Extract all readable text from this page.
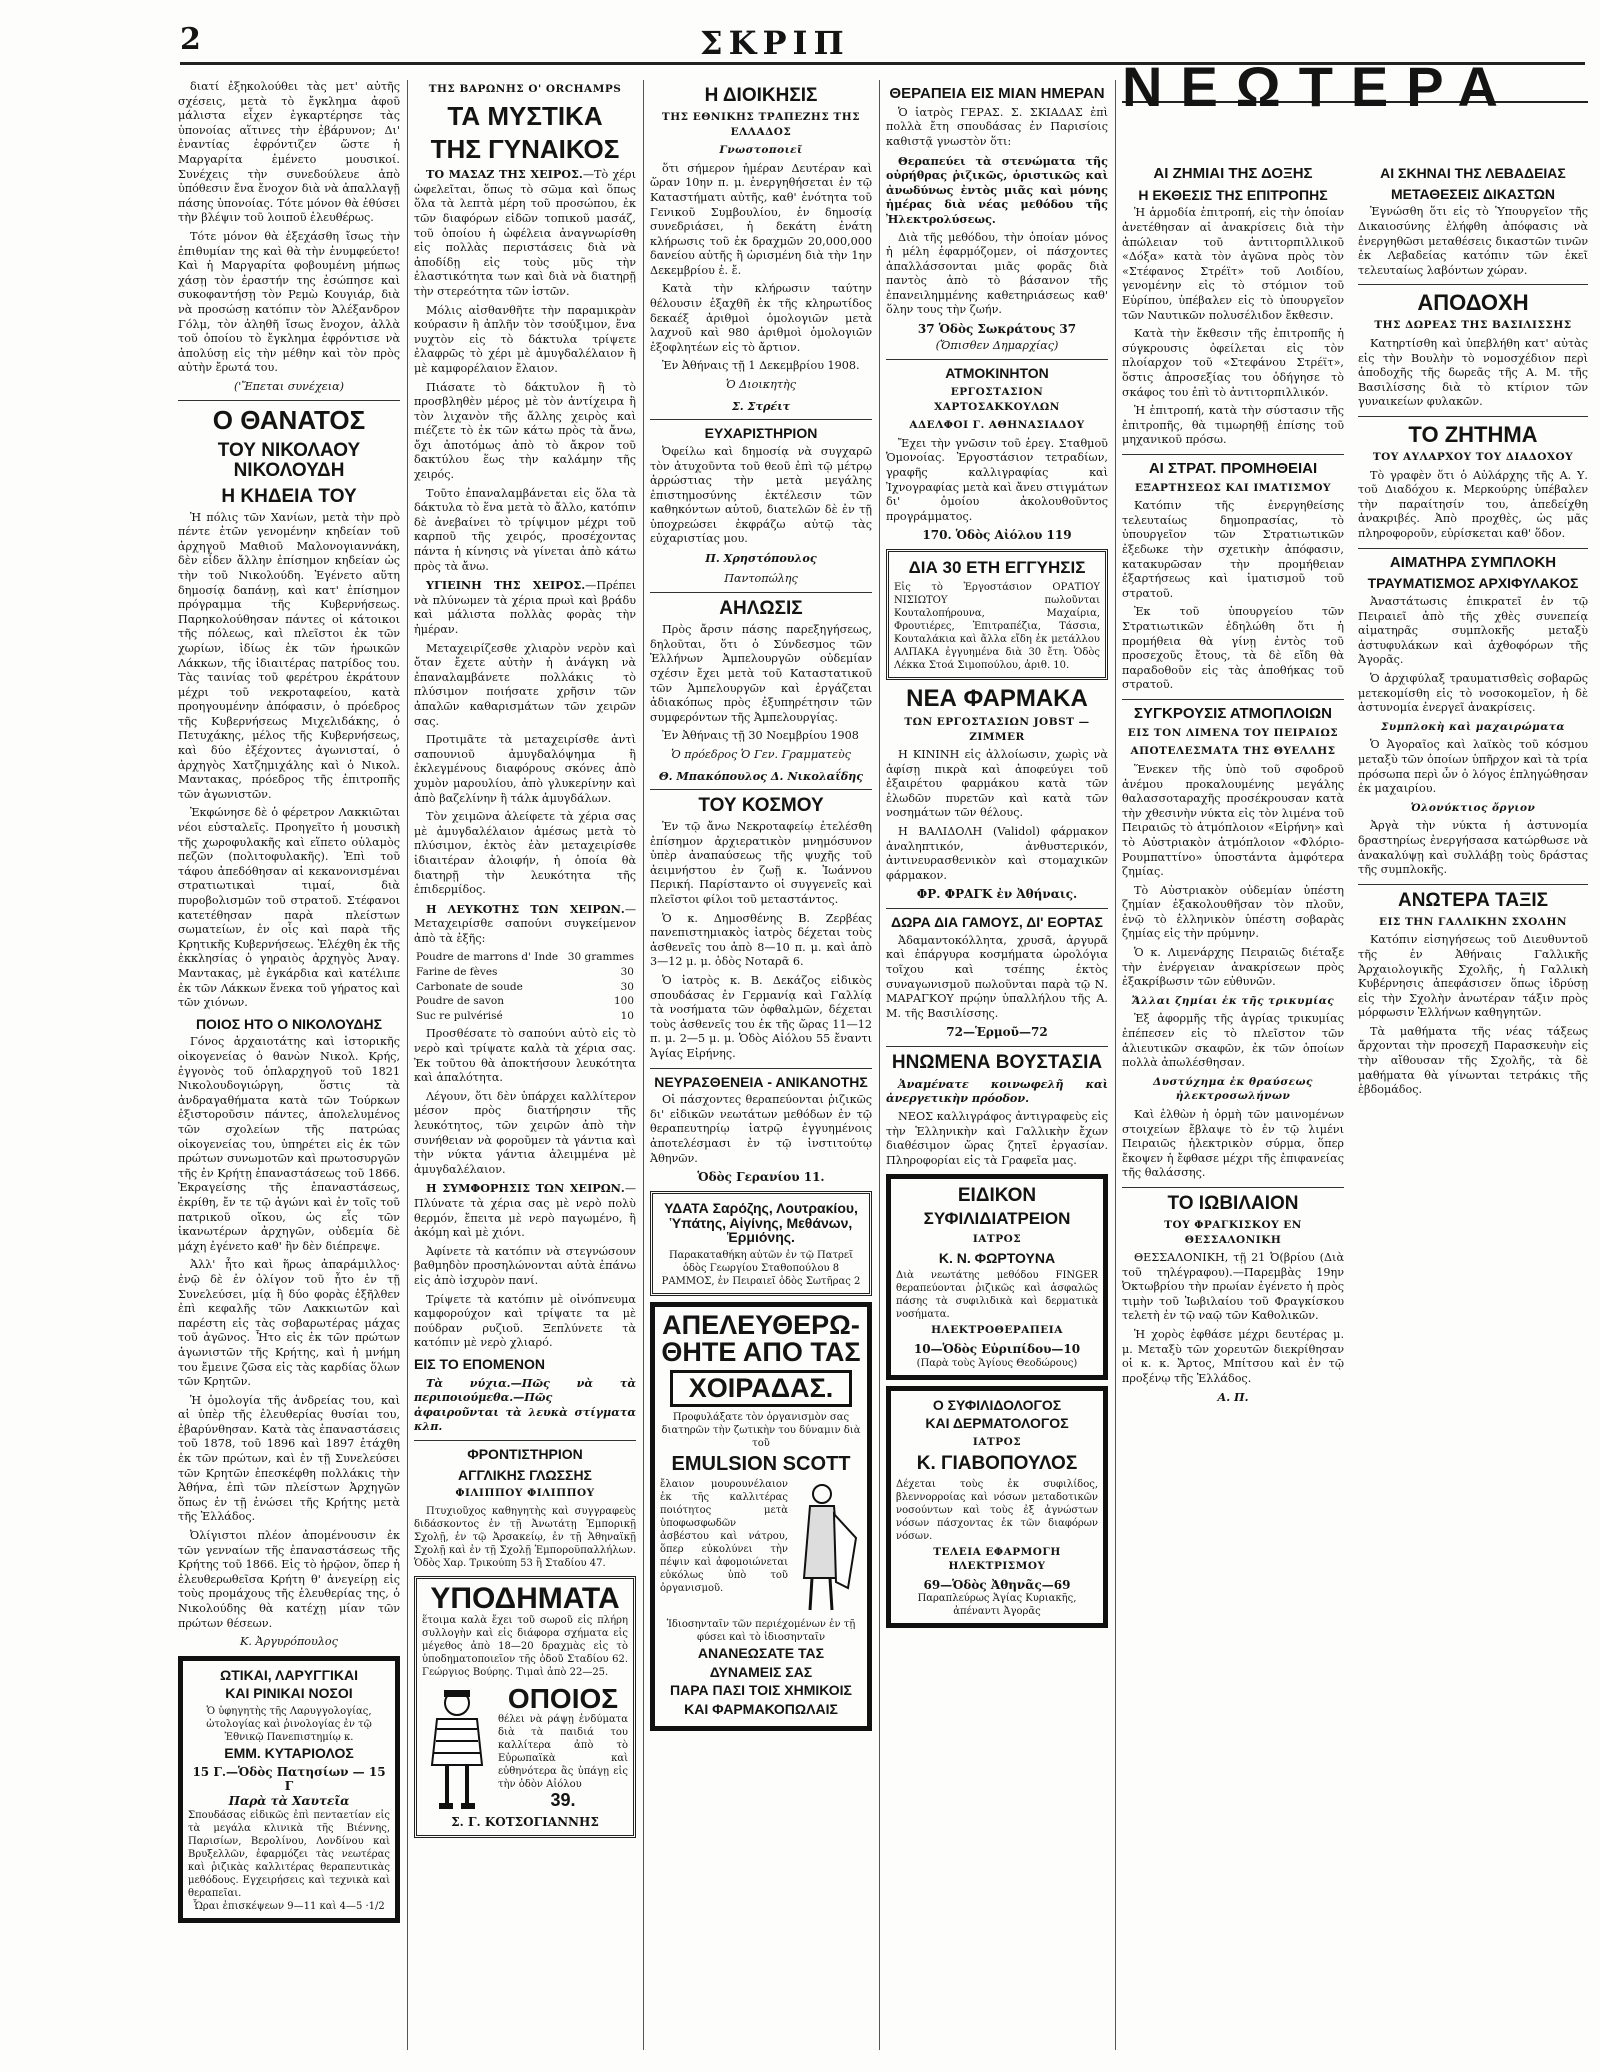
2	ΣΚΡΙΠ

διατί ἐξηκολούθει τὰς μετ' αὐτῆς σχέσεις, μετὰ τὸ ἔγκλημα ἀφοῦ μάλιστα εἶχεν ἐγκαρτέρησε τὰς ὑπονοίας αἵτινες τὴν ἐβάρυνον; Δι' ἐναντίας ἐφρόντιζεν ὥστε ἡ Μαργαρίτα ἐμένετο μουσικοί. Συνέχεις τὴν συνεδούλευε ἀπὸ ὑπόθεσιν ἔνα ἔνοχον διὰ νὰ ἀπαλλαγῇ πάσης ὑπονοίας. Τότε μόνον θὰ ἐθύσει τὴν βλέψιν τοῦ λοιποῦ ἐλευθέρως.

Τότε μόνον θὰ ἐξεχάσθη ἴσως τὴν ἐπιθυμίαν της καὶ θὰ τὴν ἐνυμφεύετο! Καὶ ἡ Μαργαρίτα φοβουμένη μήπως χάσῃ τὸν ἐραστήν της ἐσώπησε καὶ συκοφαντήσῃ τὸν Ρεμὼ Κουγιάρ, διὰ νὰ προσώσῃ κατόπιν τὸν Ἀλέξανδρον Γόλμ, τὸν ἀληθῆ ἴσως ἔνοχον, ἀλλὰ τοῦ ὁποίου τὸ ἔγκλημα ἐφρόντισε νὰ ἀπολύσῃ εἰς τὴν μέθην καὶ τὸν πρὸς αὐτὴν ἔρωτά του.

('Ἔπεται συνέχεια)
Ο ΘΑΝΑΤΟΣ
ΤΟΥ ΝΙΚΟΛΑΟΥ ΝΙΚΟΛΟΥΔΗ
Η ΚΗΔΕΙΑ ΤΟΥ

Ἡ πόλις τῶν Χανίων, μετὰ τὴν πρὸ πέντε ἐτῶν γενομένην κηδείαν τοῦ ἀρχηγοῦ Μαθιοῦ Μαλονογιαννάκη, δὲν εἶδεν ἄλλην ἐπίσημον κηδείαν ὡς τὴν τοῦ Νικολούδη. Ἐγένετο αὕτη δημοσίᾳ δαπάνῃ, καὶ κατ' ἐπίσημον πρόγραμμα τῆς Κυβερνήσεως. Παρηκολούθησαν πάντες οἱ κάτοικοι τῆς πόλεως, καὶ πλεῖστοι ἐκ τῶν χωρίων, ἰδίως ἐκ τῶν ἡρωικῶν Λάκκων, τῆς ἰδιαιτέρας πατρίδος του. Τὰς ταινίας τοῦ φερέτρου ἐκράτουν μέχρι τοῦ νεκροταφείου, κατὰ προηγουμένην ἀπόφασιν, ὁ πρόεδρος τῆς Κυβερνήσεως Μιχελιδάκης, ὁ Πετυχάκης, μέλος τῆς Κυβερνήσεως, καὶ δύο ἐξέχοντες ἀγωνισταί, ὁ ἀρχηγὸς Χατζημιχάλης καὶ ὁ Νικολ. Μαντακας, πρόεδρος τῆς ἐπιτροπῆς τῶν ἀγωνιστῶν.

Ἐκφώνησε δὲ ὁ φέρετρον Λακκιῶται νέοι εὐσταλεῖς. Προηγεῖτο ἡ μουσικὴ τῆς χωροφυλακῆς καὶ εἵπετο οὐλαμὸς πεζῶν (πολιτοφυλακῆς). Ἐπὶ τοῦ τάφου ἀπεδόθησαν αἱ κεκανονισμέναι στρατιωτικαὶ τιμαί, διὰ πυροβολισμῶν τοῦ στρατοῦ. Στέφανοι κατετέθησαν παρὰ πλείστων σωματείων, ἐν οἷς καὶ παρὰ τῆς Κρητικῆς Κυβερνήσεως. Ἐλέχθη ἐκ τῆς ἐκκλησίας ὁ γηραιὸς ἀρχηγὸς Ἀναγ. Μαντακας, μὲ ἐγκάρδια καὶ κατέλιπε ἐκ τῶν Λάκκων ἕνεκα τοῦ γήρατος καὶ τῶν χιόνων.

ΠΟΙΟΣ ΗΤΟ Ο ΝΙΚΟΛΟΥΔΗΣ

Γόνος ἀρχαιοτάτης καὶ ἱστορικῆς οἰκογενείας ὁ θανὼν Νικολ. Κρής, ἐγγονὸς τοῦ ὁπλαρχηγοῦ τοῦ 1821 Νικολουδογιώργη, ὅστις τὰ ἀνδραγαθήματα κατὰ τῶν Τούρκων ἐξιστοροῦσιν πάντες, ἀπολελυμένος τῶν σχολείων τῆς πατρώας οἰκογενείας του, ὑπηρέτει εἰς ἐκ τῶν πρώτων συνωμοτῶν καὶ πρωτοσυργῶν τῆς ἐν Κρήτῃ ἐπαναστάσεως τοῦ 1866. Ἐκραγείσης τῆς ἐπαναστάσεως, ἐκρίθη, ἔν τε τῷ ἀγώνι καὶ ἐν τοῖς τοῦ πατρικοῦ οἴκου, ὡς εἷς τῶν ἱκανωτέρων ἀρχηγῶν, οὐδεμία δὲ μάχη ἐγένετο καθ' ἣν δὲν διέπρεψε.

Ἀλλ' ἦτο καὶ ἥρως ἀπαράμιλλος· ἐνῷ δὲ ἐν ὀλίγον τοῦ ἦτο ἐν τῇ Συνελεύσει, μίᾳ ἢ δύο φορὰς ἐξῆλθεν ἐπὶ κεφαλῆς τῶν Λακκιωτῶν καὶ παρέστη εἰς τὰς σοβαρωτέρας μάχας τοῦ ἀγῶνος. Ἦτο εἰς ἐκ τῶν πρώτων ἀγωνιστῶν τῆς Κρήτης, καὶ ἡ μνήμη του ἔμεινε ζῶσα εἰς τὰς καρδίας ὅλων τῶν Κρητῶν.

Ἡ ὁμολογία τῆς ἀνδρείας του, καὶ αἱ ὑπὲρ τῆς ἐλευθερίας θυσίαι του, ἐβαρύνθησαν. Κατὰ τὰς ἐπαναστάσεις τοῦ 1878, τοῦ 1896 καὶ 1897 ἐτάχθη ἐκ τῶν πρώτων, καὶ ἐν τῇ Συνελεύσει τῶν Κρητῶν ἐπεσκέφθη πολλάκις τὴν Ἀθήνα, ἐπὶ τῶν πλείστων Ἀρχηγῶν ὅπως ἐν τῇ ἑνώσει τῆς Κρήτης μετὰ τῆς Ἑλλάδος.

Ὀλίγιστοι πλέον ἀπομένουσιν ἐκ τῶν γενναίων τῆς ἐπαναστάσεως τῆς Κρήτης τοῦ 1866. Εἰς τὸ ἡρῷον, ὅπερ ἡ ἐλευθερωθεῖσα Κρήτη θ' ἀνεγείρῃ εἰς τοὺς προμάχους τῆς ἐλευθερίας της, ὁ Νικολούδης θὰ κατέχῃ μίαν τῶν πρώτων θέσεων.

Κ. Ἀργυρόπουλος
ΩΤΙΚΑΙ, ΛΑΡΥΓΓΙΚΑΙ
ΚΑΙ ΡΙΝΙΚΑΙ ΝΟΣΟΙ
Ὁ ὑφηγητὴς τῆς Λαρυγγολογίας, ὠτολογίας καὶ ῥινολογίας ἐν τῷ Ἐθνικῷ Πανεπιστημίῳ κ.
ΕΜΜ. ΚΥΤΑΡΙΟΛΟΣ
15 Γ.—Ὁδὸς Πατησίων — 15 Γ
Παρὰ τὰ Χαυτεῖα
Σπουδάσας εἰδικῶς ἐπὶ πενταετίαν εἰς τὰ μεγάλα κλινικὰ τῆς Βιέννης, Παρισίων, Βερολίνου, Λονδίνου καὶ Βρυξελλῶν, ἐφαρμόζει τὰς νεωτέρας καὶ ῥιζικὰς καλλιτέρας θεραπευτικὰς μεθόδους. Εγχειρήσεις καὶ τεχνικὰ καὶ θεραπεῖαι.
Ὧραι ἐπισκέψεων 9—11 καὶ 4—5 ·1/2
ΤΗΣ ΒΑΡΩΝΗΣ Ο' ORCHAMPS
ΤΑ ΜΥΣΤΙΚΑ
ΤΗΣ ΓΥΝΑΙΚΟΣ

ΤΟ ΜΑΣΑΖ ΤΗΣ ΧΕΙΡΟΣ.—Τὸ χέρι ὠφελεῖται, ὅπως τὸ σῶμα καὶ ὅπως ὅλα τὰ λεπτὰ μέρη τοῦ προσώπου, ἐκ τῶν διαφόρων εἰδῶν τοπικοῦ μασάζ, τοῦ ὁποίου ἡ ὠφέλεια ἀναγνωρίσθη εἰς πολλὰς περιστάσεις διὰ νὰ ἀποδίδῃ εἰς τοὺς μῦς τὴν ἐλαστικότητα των καὶ διὰ νὰ διατηρῇ τὴν στερεότητα τῶν ἱστῶν.

Μόλις αἰσθανθῆτε τὴν παραμικρὰν κούρασιν ἢ ἀπλῆν τὸν τσούξιμον, ἕνα νυχτὸν εἰς τὸ δάκτυλα τρίψετε ἐλαφρῶς τὸ χέρι μὲ ἀμυγδαλέλαιον ἢ μὲ καμφορέλαιον ἔλαιον.

Πιάσατε τὸ δάκτυλον ἢ τὸ προσβληθὲν μέρος μὲ τὸν ἀντίχειρα ἢ τὸν λιχανὸν τῆς ἄλλης χειρὸς καὶ πιέζετε τὸ ἐκ τῶν κάτω πρὸς τὰ ἄνω, ὄχι ἀποτόμως ἀπὸ τὸ ἄκρον τοῦ δακτύλου ἕως τὴν καλάμην τῆς χειρός.

Τοῦτο ἐπαναλαμβάνεται εἰς ὅλα τὰ δάκτυλα τὸ ἕνα μετὰ τὸ ἄλλο, κατόπιν δὲ ἀνεβαίνει τὸ τρίψιμον μέχρι τοῦ καρποῦ τῆς χειρός, προσέχοντας πάντα ἡ κίνησις νὰ γίνεται ἀπὸ κάτω πρὸς τὰ ἄνω.

ΥΓΙΕΙΝΗ ΤΗΣ ΧΕΙΡΟΣ.—Πρέπει νὰ πλύνωμεν τὰ χέρια πρωὶ καὶ βράδυ καὶ μάλιστα πολλὰς φορὰς τὴν ἡμέραν.

Μεταχειρίζεσθε χλιαρὸν νερὸν καὶ ὄταν ἔχετε αὐτὴν ἡ ἀνάγκη νὰ ἐπαναλαμβάνετε πολλάκις τὸ πλύσιμον ποιήσατε χρῆσιν τῶν ἀπαλῶν καθαρισμάτων τῶν χειρῶν σας.

Προτιμᾶτε τὰ μεταχειρίσθε ἀντὶ σαπουνιοῦ ἀμυγδαλόψημα ἢ ἐκλεγμένους διαφόρους σκόνες ἀπὸ χυμὸν μαρουλίου, ἀπὸ γλυκερίνην καὶ ἀπὸ βαζελίνην ἢ τάλκ ἀμυγδάλων.

Τὸν χειμῶνα ἀλείφετε τὰ χέρια σας μὲ ἀμυγδαλέλαιον ἀμέσως μετὰ τὸ πλύσιμον, ἐκτὸς ἐὰν μεταχειρίσθε ἰδιαιτέραν ἀλοιφήν, ἡ ὁποία θὰ διατηρῇ τὴν λευκότητα τῆς ἐπιδερμίδος.

Η ΛΕΥΚΟΤΗΣ ΤΩΝ ΧΕΙΡΩΝ.—Μεταχειρίσθε σαπούνι συγκείμενον ἀπὸ τὰ ἑξῆς:

Poudre de marrons d' Inde	30 grammes
Farine de fèves	30
Carbonate de soude	30
Poudre de savon	100
Suc re pulvérisé	10

Προσθέσατε τὸ σαπούνι αὐτὸ εἰς τὸ νερὸ καὶ τρίψατε καλὰ τὰ χέρια σας. Ἐκ τοῦτου θὰ ἀποκτήσουν λευκότητα καὶ ἁπαλότητα.

Λέγουν, ὅτι δὲν ὑπάρχει καλλίτερον μέσον πρὸς διατήρησιν τῆς λευκότητος, τῶν χειρῶν ἀπὸ τὴν συνήθειαν νὰ φοροῦμεν τὰ γάντια καὶ τὴν νύκτα γάντια ἀλειμμένα μὲ ἀμυγδαλέλαιον.

Η ΣΥΜΦΟΡΗΣΙΣ ΤΩΝ ΧΕΙΡΩΝ.—Πλύνατε τὰ χέρια σας μὲ νερὸ πολὺ θερμόν, ἔπειτα μὲ νερὸ παγωμένο, ἢ ἀκόμη καὶ μὲ χιόνι.

Ἀφίνετε τὰ κατόπιν νὰ στεγνώσουν βαθμηδὸν προσηλώνονται αὐτὰ ἐπάνω εἰς ἀπὸ ἰσχυρὸν πανί.

Τρίψετε τὰ κατόπιν μὲ οἰνόπνευμα καμφορούχον καὶ τρίψατε τα μὲ πούδραν ρυζιοῦ. Ξεπλύνετε τὰ κατόπιν μὲ νερὸ χλιαρό.

ΕΙΣ ΤΟ ΕΠΟΜΕΝΟΝ

Τὰ νύχια.—Πῶς νὰ τὰ περιποιούμεθα.—Πῶς ἀφαιροῦνται τὰ λευκὰ στίγματα κλπ.

ΦΡΟΝΤΙΣΤΗΡΙΟΝ
ΑΓΓΛΙΚΗΣ ΓΛΩΣΣΗΣ
ΦΙΛΙΠΠΟΥ ΦΙΛΙΠΠΟΥ

Πτυχιοῦχος καθηγητὴς καὶ συγγραφεὺς διδάσκοντος ἐν τῇ Ἀνωτάτῃ Ἐμπορικῇ Σχολῇ, ἐν τῷ Ἀρσακείῳ, ἐν τῇ Ἀθηναϊκῇ Σχολῇ καὶ ἐν τῇ Σχολῇ Ἐμποροϋπαλλήλων. Ὁδὸς Χαρ. Τρικούπη 53 ἢ Σταδίου 47.

ΥΠΟΔΗΜΑΤΑ
ἕτοιμα καλὰ ἔχει τοῦ σωροῦ εἰς πλήρη συλλογὴν καὶ εἰς διάφορα σχήματα εἰς μέγεθος ἀπὸ 18—20 δραχμὰς εἰς τὸ ὑποδηματοποιεῖον τῆς ὁδοῦ Σταδίου 62. Γεώργιος Βούρης. Τιμαὶ ἀπὸ 22—25.
ΟΠΟΙΟΣ
θέλει νὰ ράψῃ ἐνδύματα διὰ τὰ παιδιά του καλλίτερα ἀπὸ τὸ Εὐρωπαϊκὰ καὶ εὐθηνότερα ἂς ὑπάγῃ εἰς τὴν ὁδὸν Αἰόλου
39.
Σ. Γ. ΚΟΤΣΟΓΙΑΝΝΗΣ
Η ΔΙΟΙΚΗΣΙΣ
ΤΗΣ ΕΘΝΙΚΗΣ ΤΡΑΠΕΖΗΣ ΤΗΣ ΕΛΛΑΔΟΣ
Γνωστοποιεῖ

ὅτι σήμερον ἡμέραν Δευτέραν καὶ ὥραν 10ην π. μ. ἐνεργηθήσεται ἐν τῷ Καταστήματι αὐτῆς, καθ' ἑνότητα τοῦ Γενικοῦ Συμβουλίου, ἐν δημοσίᾳ συνεδριάσει, ἡ δεκάτη ἐνάτη κλήρωσις τοῦ ἐκ δραχμῶν 20,000,000 δανείου αὐτῆς ἢ ὡρισμένη διὰ τὴν 1ην Δεκεμβρίου ἐ. ἔ.

Κατὰ τὴν κλήρωσιν ταύτην θέλουσιν ἐξαχθῆ ἐκ τῆς κληρωτίδος δεκαέξ ἀριθμοὶ ὁμολογιῶν μετὰ λαχνοῦ καὶ 980 ἀριθμοὶ ὁμολογιῶν ἐξοφλητέων εἰς τὸ ἄρτιον.

Ἐν Ἀθήναις τῇ 1 Δεκεμβρίου 1908.

Ὁ Διοικητὴς
Σ. Στρέιτ
ΕΥΧΑΡΙΣΤΗΡΙΟΝ

Ὀφείλω καὶ δημοσίᾳ νὰ συγχαρῶ τὸν ἀτυχοῦντα τοῦ θεοῦ ἐπὶ τῷ μέτρῳ ἀρρώστιας τὴν μετὰ μεγάλης ἐπιστημοσύνης ἐκτέλεσιν τῶν καθηκόντων αὐτοῦ, διατελῶν δὲ ἐν τῇ ὑποχρεώσει ἐκφράζω αὐτῷ τὰς εὐχαριστίας μου.

Π. Χρηστόπουλος
Παντοπώλης
ΑΗΛΩΣΙΣ

Πρὸς ἄρσιν πάσης παρεξηγήσεως, δηλοῦται, ὅτι ὁ Σύνδεσμος τῶν Ἑλλήνων Ἀμπελουργῶν οὐδεμίαν σχέσιν ἔχει μετὰ τοῦ Καταστατικοῦ τῶν Ἀμπελουργῶν καὶ ἐργάζεται ἀδιακόπως πρὸς ἐξυπηρέτησιν τῶν συμφερόντων τῆς Ἀμπελουργίας.

Ἐν Ἀθήναις τῇ 30 Νοεμβρίου 1908

Ὁ πρόεδρος Ὁ Γεν. Γραμματεὺς
Θ. Μπακόπουλος Δ. Νικολαΐδης
ΤΟΥ ΚΟΣΜΟΥ

Ἐν τῷ ἄνω Νεκροταφείῳ ἐτελέσθη ἐπίσημον ἀρχιερατικὸν μνημόσυνον ὑπὲρ ἀναπαύσεως τῆς ψυχῆς τοῦ ἀειμνήστου ἐν ζωῇ κ. Ἰωάννου Περική. Παρίσταντο οἱ συγγενεῖς καὶ πλεῖστοι φίλοι τοῦ μεταστάντος.

Ὁ κ. Δημοσθένης Β. Ζερβέας πανεπιστημιακὸς ἰατρὸς δέχεται τοὺς ἀσθενεῖς του ἀπὸ 8—10 π. μ. καὶ ἀπὸ 3—12 μ. μ. ὁδὸς Νοταρᾶ 6.

Ὁ ἰατρὸς κ. Β. Δεκάζος εἰδικὸς σπουδάσας ἐν Γερμανίᾳ καὶ Γαλλίᾳ τὰ νοσήματα τῶν ὀφθαλμῶν, δέχεται τοὺς ἀσθενεῖς του ἐκ τῆς ὥρας 11—12 π. μ. 2—5 μ. μ. Ὁδὸς Αἰόλου 55 ἔναντι Ἁγίας Εἰρήνης.

ΝΕΥΡΑΣΘΕΝΕΙΑ - ΑΝΙΚΑΝΟΤΗΣ

Οἱ πάσχοντες θεραπεύονται ῥιζικῶς δι' εἰδικῶν νεωτάτων μεθόδων ἐν τῷ θεραπευτηρίῳ ἰατρῷ ἐγγυημένοις ἀποτελέσμασι ἐν τῷ ἰνστιτούτῳ Ἀθηνῶν.

Ὁδὸς Γερανίου 11.
ΥΔΑΤΑ Σαρόζης, Λουτρακίου, Ὑπάτης, Αἰγίνης, Μεθάνων, Ἑρμιόνης.
Παρακαταθήκη αὐτῶν ἐν τῷ Πατρεῖ ὁδὸς Γεωργίου Σταθοπούλου 8 ΡΑΜΜΟΣ, ἐν Πειραιεῖ ὁδὸς Σωτῆρας 2
ΑΠΕΛΕΥΘΕΡΩ-
ΘΗΤΕ ΑΠΟ ΤΑΣ
ΧΟΙΡΑΔΑΣ.
Προφυλάξατε τὸν ὀργανισμὸν σας διατηρῶν τὴν ζωτικὴν του δύναμιν διὰ τοῦ
EMULSION SCOTT
ἔλαιον μουρουνέλαιον ἐκ τῆς καλλιτέρας ποιότητος μετὰ ὑποφωσφωδῶν ἀσβέστου καὶ νάτρου, ὅπερ εὐκολύνει τὴν πέψιν καὶ ἀφομοιώνεται εὐκόλως ὑπὸ τοῦ ὀργανισμοῦ.
Ἰδιοσηνταῖν τῶν περιέχομένων ἐν τῇ φύσει καὶ τὸ ἰδιοσηνταῖν
ΑΝΑΝΕΩΣΑΤΕ ΤΑΣ
ΔΥΝΑΜΕΙΣ ΣΑΣ
ΠΑΡΑ ΠΑΣΙ ΤΟΙΣ ΧΗΜΙΚΟΙΣ
ΚΑΙ ΦΑΡΜΑΚΟΠΩΛΑΙΣ
ΘΕΡΑΠΕΙΑ ΕΙΣ ΜΙΑΝ ΗΜΕΡΑΝ

Ὁ ἰατρὸς ΓΕΡΑΣ. Σ. ΣΚΙΑΔΑΣ ἐπὶ πολλὰ ἔτη σπουδάσας ἐν Παρισίοις καθιστᾷ γνωστὸν ὅτι:

Θεραπεύει τὰ στενώματα τῆς οὐρήθρας ῥιζικῶς, ὁριστικῶς καὶ ἀνωδύνως ἐντὸς μιᾶς καὶ μόνης ἡμέρας διὰ νέας μεθόδου τῆς Ἠλεκτρολύσεως.

Διὰ τῆς μεθόδου, τὴν ὁποίαν μόνος ἡ μέλη ἐφαρμόζομεν, οἱ πάσχοντες ἀπαλλάσσονται μιᾶς φορᾶς διὰ παντὸς ἀπὸ τὸ βάσανον τῆς ἐπανειλημμένης καθετηριάσεως καθ' ὅλην τους τὴν ζωήν.

37 Ὁδὸς Σωκράτους 37
(Ὄπισθεν Δημαρχίας)
ΑΤΜΟΚΙΝΗΤΟΝ
ΕΡΓΟΣΤΑΣΙΟΝ ΧΑΡΤΟΣΑΚΚΟΥΛΩΝ
ΑΔΕΛΦΟΙ Γ. ΑΘΗΝΑΣΙΑΔΟΥ

Ἔχει τὴν γνῶσιν τοῦ ἐρεγ. Σταθμοῦ Ὁμονοίας. Ἐργοστάσιον τετραδίων, γραφῆς καλλιγραφίας καὶ Ἰχνογραφίας μετὰ καὶ ἄνευ στιγμάτων δι' ὁμοίου ἀκολουθοῦντος προγράμματος.

170. Ὁδὸς Αἰόλου 119
ΔΙΑ 30 ΕΤΗ ΕΓΓΥΗΣΙΣ
Εἰς τὸ Ἐργοστάσιον ΟΡΑΤΙΟΥ ΝΙΣΙΩΤΟΥ πωλοῦνται Κουταλοπήρουνα, Μαχαίρια, Φρουτιέρες, Ἐπιτραπέζια, Τάσσια, Κουταλάκια καὶ ἄλλα εἴδη ἐκ μετάλλου ΑΛΠΑΚΑ ἐγγυημένα διὰ 30 ἔτη. Ὁδὸς Λέκκα Στοά Σιμοπούλου, ἀριθ. 10.
ΝΕΑ ΦΑΡΜΑΚΑ
ΤΩΝ ΕΡΓΟΣΤΑΣΙΩΝ JOBST — ZIMMER

Η ΚΙΝΙΝΗ εἰς ἀλλοίωσιν, χωρὶς νὰ ἀφίσῃ πικρὰ καὶ ἀποφεύγει τοῦ ἐξαιρέτου φαρμάκου κατὰ τῶν ἑλωδῶν πυρετῶν καὶ κατὰ τῶν νοσημάτων τῶν θέλους.

Η ΒΑΛΙΔΟΛΗ (Validol) φάρμακον ἀναληπτικόν, ἀνθυστερικόν, ἀντινευρασθενικὸν καὶ στομαχικῶν φάρμακον.

ΦΡ. ΦΡΑΓΚ ἐν Ἀθήναις.
ΔΩΡΑ ΔΙΑ ΓΑΜΟΥΣ, ΔΙ' ΕΟΡΤΑΣ

Ἀδαμαντοκόλλητα, χρυσᾶ, ἀργυρᾶ καὶ ἐπάργυρα κοσμήματα ὡρολόγια τοῖχου καὶ τσέπης ἐκτὸς συναγωνισμοῦ πωλοῦνται παρὰ τῷ Ν. ΜΑΡΑΓΚΟΥ πρῴην ὑπαλλήλου τῆς Α. Μ. τῆς Βασιλίσσης.

72—Ἑρμοῦ—72
ΗΝΩΜΕΝΑ ΒΟΥΣΤΑΣΙΑ

Ἀναμένατε κοινωφελῆ καὶ ἀνεργετικὴν πρόοδον.

ΝΕΟΣ καλλιγράφος ἀντιγραφεὺς εἰς τὴν Ἑλληνικὴν καὶ Γαλλικὴν ἔχων διαθέσιμον ὥρας ζητεῖ ἐργασίαν. Πληροφορίαι εἰς τὰ Γραφεῖα μας.

ΕΙΔΙΚΟΝ
ΣΥΦΙΛΙΔΙΑΤΡΕΙΟΝ
ΙΑΤΡΟΣ
Κ. Ν. ΦΩΡΤΟΥΝΑ
Διὰ νεωτάτης μεθόδου FINGER θεραπεύονται ῥιζικῶς καὶ ἀσφαλῶς πάσης τὰ συφιλιδικὰ καὶ δερματικὰ νοσήματα.
ΗΛΕΚΤΡΟΘΕΡΑΠΕΙΑ
10—Ὁδὸς Εὐριπίδου—10
(Παρὰ τοὺς Ἁγίους Θεοδώρους)
Ο ΣΥΦΙΛΙΔΟΛΟΓΟΣ
ΚΑΙ ΔΕΡΜΑΤΟΛΟΓΟΣ
ΙΑΤΡΟΣ
Κ. ΓΙΑΒΟΠΟΥΛΟΣ
Δέχεται τοὺς ἐκ συφιλίδος, βλεννορροίας καὶ νόσων μεταδοτικῶν νοσούντων καὶ τοὺς ἐξ ἀγνώστων νόσων πάσχοντας ἐκ τῶν διαφόρων νόσων.
ΤΕΛΕΙΑ ΕΦΑΡΜΟΓΗ ΗΛΕΚΤΡΙΣΜΟΥ
69—Ὁδὸς Ἀθηνᾶς—69
Παραπλεύρως Ἁγίας Κυριακῆς, ἀπέναντι Ἀγορᾶς
ΝΕΩΤΕΡΑ
ΑΙ ΖΗΜΙΑΙ ΤΗΣ ΔΟΞΗΣ
Η ΕΚΘΕΣΙΣ ΤΗΣ ΕΠΙΤΡΟΠΗΣ

Ἡ ἁρμοδία ἐπιτροπή, εἰς τὴν ὁποίαν ἀνετέθησαν αἱ ἀνακρίσεις διὰ τὴν ἀπώλειαν τοῦ ἀντιτορπιλλικοῦ «Δόξα» κατὰ τὸν ἀγῶνα πρὸς τὸν «Στέφανος Στρέϊτ» τοῦ Λοιδίου, γενομένην εἰς τὸ στόμιον τοῦ Εὐρίπου, ὑπέβαλεν εἰς τὸ ὑπουργεῖον τῶν Ναυτικῶν πολυσέλιδον ἔκθεσιν.

Κατὰ τὴν ἔκθεσιν τῆς ἐπιτροπῆς ἡ σύγκρουσις ὀφείλεται εἰς τὸν πλοίαρχον τοῦ «Στεφάνου Στρέϊτ», ὅστις ἀπροσεξίας του ὁδήγησε τὸ σκάφος του ἐπὶ τὸ ἀντιτορπιλλικόν.

Ἡ ἐπιτροπή, κατὰ τὴν σύστασιν τῆς ἐπιτροπῆς, θὰ τιμωρηθῇ ἐπίσης τοῦ μηχανικοῦ πρόσω.

ΑΙ ΣΤΡΑΤ. ΠΡΟΜΗΘΕΙΑΙ
ΕΞΑΡΤΗΣΕΩΣ ΚΑΙ ΙΜΑΤΙΣΜΟΥ

Κατόπιν τῆς ἐνεργηθείσης τελευταίως δημοπρασίας, τὸ ὑπουργεῖον τῶν Στρατιωτικῶν ἐξεδωκε τὴν σχετικὴν ἀπόφασιν, κατακυρῶσαν τὴν προμήθειαν ἐξαρτήσεως καὶ ἱματισμοῦ τοῦ στρατοῦ.

Ἐκ τοῦ ὑπουργείου τῶν Στρατιωτικῶν ἐδηλώθη ὅτι ἡ προμήθεια θὰ γίνῃ ἐντὸς τοῦ προσεχοῦς ἔτους, τὰ δὲ εἴδη θὰ παραδοθοῦν εἰς τὰς ἀποθήκας τοῦ στρατοῦ.

ΣΥΓΚΡΟΥΣΙΣ ΑΤΜΟΠΛΟΙΩΝ
ΕΙΣ ΤΟΝ ΛΙΜΕΝΑ ΤΟΥ ΠΕΙΡΑΙΩΣ
ΑΠΟΤΕΛΕΣΜΑΤΑ ΤΗΣ ΘΥΕΛΛΗΣ

Ἕνεκεν τῆς ὑπὸ τοῦ σφοδροῦ ἀνέμου προκαλουμένης μεγάλης θαλασσοταραχῆς προσέκρουσαν κατὰ τὴν χθεσινὴν νύκτα εἰς τὸν λιμένα τοῦ Πειραιῶς τὸ ἀτμόπλοιον «Εἰρήνη» καὶ τὸ Αὐστριακὸν ἀτμόπλοιον «Φλόριο-Ρουμπαττίνο» ὑποστάντα ἀμφότερα ζημίας.

Τὸ Αὐστριακὸν οὐδεμίαν ὑπέστη ζημίαν ἐξακολουθῆσαν τὸν πλοῦν, ἐνῷ τὸ ἑλληνικὸν ὑπέστη σοβαρὰς ζημίας εἰς τὴν πρύμνην.

Ὁ κ. Λιμενάρχης Πειραιῶς διέταξε τὴν ἐνέργειαν ἀνακρίσεων πρὸς ἐξακρίβωσιν τῶν εὐθυνῶν.

Ἄλλαι ζημίαι ἐκ τῆς τρικυμίας

Ἐξ ἀφορμῆς τῆς ἀγρίας τρικυμίας ἐπέπεσεν εἰς τὸ πλεῖστον τῶν ἀλιευτικῶν σκαφῶν, ἐκ τῶν ὁποίων πολλὰ ἀπωλέσθησαν.

Δυστύχημα ἐκ θραύσεως ἠλεκτροσωλήνων

Καὶ ἐλθὼν ἡ ὁρμὴ τῶν μαινομένων στοιχείων ἔβλαψε τὸ ἐν τῷ λιμένι Πειραιῶς ἠλεκτρικὸν σύρμα, ὅπερ ἔκοψεν ἡ ἔφθασε μέχρι τῆς ἐπιφανείας τῆς θαλάσσης.

ΤΟ ΙΩΒΙΛΑΙΟΝ
ΤΟΥ ΦΡΑΓΚΙΣΚΟΥ ΕΝ ΘΕΣΣΑΛΟΝΙΚΗ

ΘΕΣΣΑΛΟΝΙΚΗ, τῇ 21 Ὀ(βρίου (Διὰ τοῦ τηλέγραφου).—Παρεμβὰς 19ην Ὀκτωβρίου τὴν πρωίαν ἐγένετο ἡ πρὸς τιμὴν τοῦ Ἰωβιλαίου τοῦ Φραγκίσκου τελετὴ ἐν τῷ ναῷ τῶν Καθολικῶν.

Ἡ χορὸς ἐφθάσε μέχρι δευτέρας μ. μ. Μεταξὺ τῶν χορευτῶν διεκρίθησαν οἱ κ. κ. Ἄρτος, Μπίτσου καὶ ἐν τῷ προξένῳ τῆς Ἑλλάδος.

Α. Π.
ΑΙ ΣΚΗΝΑΙ ΤΗΣ ΛΕΒΑΔΕΙΑΣ
ΜΕΤΑΘΕΣΕΙΣ ΔΙΚΑΣΤΩΝ

Ἐγνώσθη ὅτι εἰς τὸ Ὑπουργεῖον τῆς Δικαιοσύνης ἐλήφθη ἀπόφασις νὰ ἐνεργηθῶσι μεταθέσεις δικαστῶν τινῶν ἐκ Λεβαδείας κατόπιν τῶν ἐκεῖ τελευταίως λαβόντων χώραν.

ΑΠΟΔΟΧΗ
ΤΗΣ ΔΩΡΕΑΣ ΤΗΣ ΒΑΣΙΛΙΣΣΗΣ

Κατηρτίσθη καὶ ὑπεβλήθη κατ' αὐτὰς εἰς τὴν Βουλὴν τὸ νομοσχέδιον περὶ ἀποδοχῆς τῆς δωρεᾶς τῆς Α. Μ. τῆς Βασιλίσσης διὰ τὸ κτίριον τῶν γυναικείων φυλακῶν.

ΤΟ ΖΗΤΗΜΑ
ΤΟΥ ΑΥΛΑΡΧΟΥ ΤΟΥ ΔΙΑΔΟΧΟΥ

Τὸ γραφὲν ὅτι ὁ Αὐλάρχης τῆς Α. Υ. τοῦ Διαδόχου κ. Μερκούρης ὑπέβαλεν τὴν παραίτησίν του, ἀπεδείχθη ἀνακριβές. Ἀπὸ προχθὲς, ὡς μᾶς πληροφοροῦν, εὑρίσκεται καθ' ὅδον.

ΑΙΜΑΤΗΡΑ ΣΥΜΠΛΟΚΗ
ΤΡΑΥΜΑΤΙΣΜΟΣ ΑΡΧΙΦΥΛΑΚΟΣ

Ἀναστάτωσις ἐπικρατεῖ ἐν τῷ Πειραιεῖ ἀπὸ τῆς χθὲς συνεπείᾳ αἱματηρᾶς συμπλοκῆς μεταξὺ ἀστυφυλάκων καὶ ἀχθοφόρων τῆς Ἀγορᾶς.

Ὁ ἀρχιφύλαξ τραυματισθεὶς σοβαρῶς μετεκομίσθη εἰς τὸ νοσοκομεῖον, ἡ δὲ ἀστυνομία ἐνεργεῖ ἀνακρίσεις.

Συμπλοκὴ καὶ μαχαιρώματα

Ὁ Ἀγοραῖος καὶ λαϊκὸς τοῦ κόσμου μεταξὺ τῶν ὁποίων ὑπῆρχον καὶ τὰ τρία πρόσωπα περὶ ὧν ὁ λόγος ἐπληγώθησαν ἐκ μαχαιρίου.

Ὁλονύκτιος ὄργιον

Ἀργὰ τὴν νύκτα ἡ ἀστυνομία δραστηρίως ἐνεργήσασα κατώρθωσε νὰ ἀνακαλύψῃ καὶ συλλάβῃ τοὺς δράστας τῆς συμπλοκῆς.

ΑΝΩΤΕΡΑ ΤΑΞΙΣ
ΕΙΣ ΤΗΝ ΓΑΛΛΙΚΗΝ ΣΧΟΛΗΝ

Κατόπιν εἰσηγήσεως τοῦ Διευθυντοῦ τῆς ἐν Ἀθήναις Γαλλικῆς Ἀρχαιολογικῆς Σχολῆς, ἡ Γαλλικὴ Κυβέρνησις ἀπεφάσισεν ὅπως ἱδρύσῃ εἰς τὴν Σχολὴν ἀνωτέραν τάξιν πρὸς μόρφωσιν Ἑλλήνων καθηγητῶν.

Τὰ μαθήματα τῆς νέας τάξεως ἄρχονται τὴν προσεχῆ Παρασκευὴν εἰς τὴν αἴθουσαν τῆς Σχολῆς, τὰ δὲ μαθήματα θὰ γίνωνται τετράκις τῆς ἑβδομάδος.
